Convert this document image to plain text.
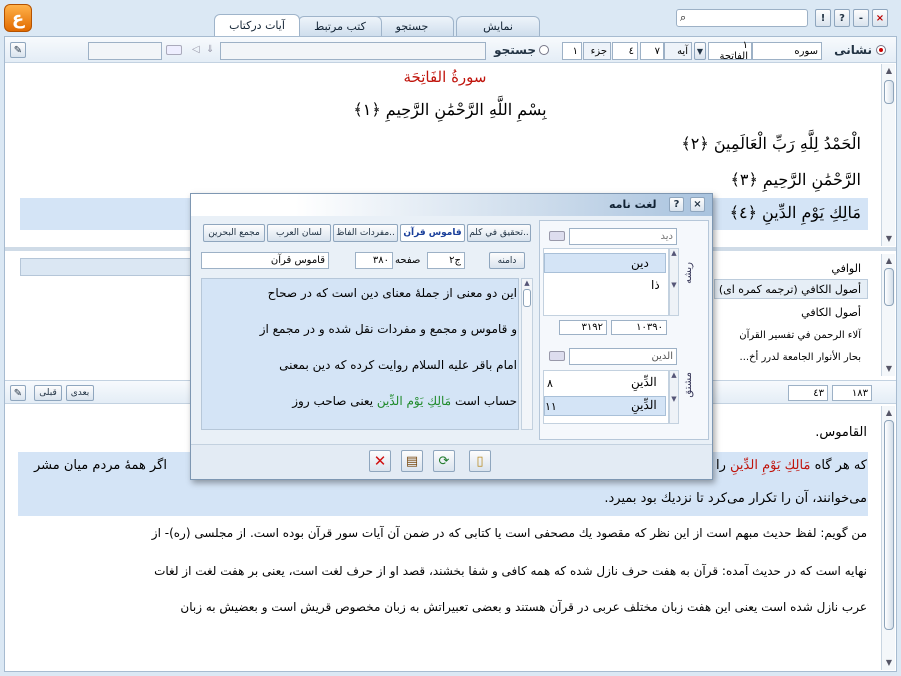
ع	⌕	!	?	-	×
نمایش
جستجو
کتب مرتبط
آيات درکتاب
نشانی
سوره
١ الفاتحة
▼
آیه
٧
٤
جزء
١
جستجو
⇓
◁
✎
سورةُ الفَاتِحَة
بِسْمِ اللَّهِ الرَّحْمَٰنِ الرَّحِيمِ ﴿١﴾
الْحَمْدُ لِلَّهِ رَبِّ الْعَالَمِينَ ﴿٢﴾
الرَّحْمَٰنِ الرَّحِيمِ ﴿٣﴾
مَالِكِ يَوْمِ الدِّينِ ﴿٤﴾
▲
▼
الوافي
أصول الكافي (ترجمه كمره اى)
أصول الكافي
آلاء الرحمن في تفسير القرآن
بحار الأنوار الجامعة لدرر أخ...
▲
▼
✎	قبلی	بعدی	١٨٣
٤٣
القاموس.
اگر همهٔ مردم میان مشر	که هر گاه مَالِكِ يَوْمِ الدِّينِ را
مى‌خوانند، آن را تكرار مى‌كرد تا نزديك بود بميرد.
من گويم: لفظ حديث مبهم است از اين نظر كه مقصود يك مصحفى است يا كتابى كه در ضمن آن آيات سور قرآن بوده است. از مجلسى (ره)- از
نهايه است كه در حديث آمده: قرآن به هفت حرف نازل شده كه همه كافى و شفا بخشند، قصد او از حرف لغت است، يعنى بر هفت لغت از لغات
عرب نازل شده است يعنى اين هفت زبان مختلف عربى در قرآن هستند و بعضى تعبيراتش به زبان مخصوص قريش است و بعضيش به زبان
▲
▼
لغت نامه	?	×
دید
دين
ذا
▲

▼
ریشه
١٠٣٩٠
٣١٩٢
الدين
الدِّينِ
٨
الدِّينِ
١١
▲

▼
مشتق
تحقيق في كلم..
قاموس قرآن
مفردات الفاظ..
لسان العرب
مجمع البحرين
دامنه
ج٢
صفحه
٣٨٠
قاموس قرآن
اين دو معنى از جملهٔ معناى دين است كه در صحاح
و قاموس و مجمع و مفردات نقل شده و در مجمع از
امام باقر عليه السلام روايت كرده كه دين بمعنى
حساب است مَالِكِ يَوْمِ الدِّينِ يعنى صاحب روز
▲
✕	▤	⟳	▯
